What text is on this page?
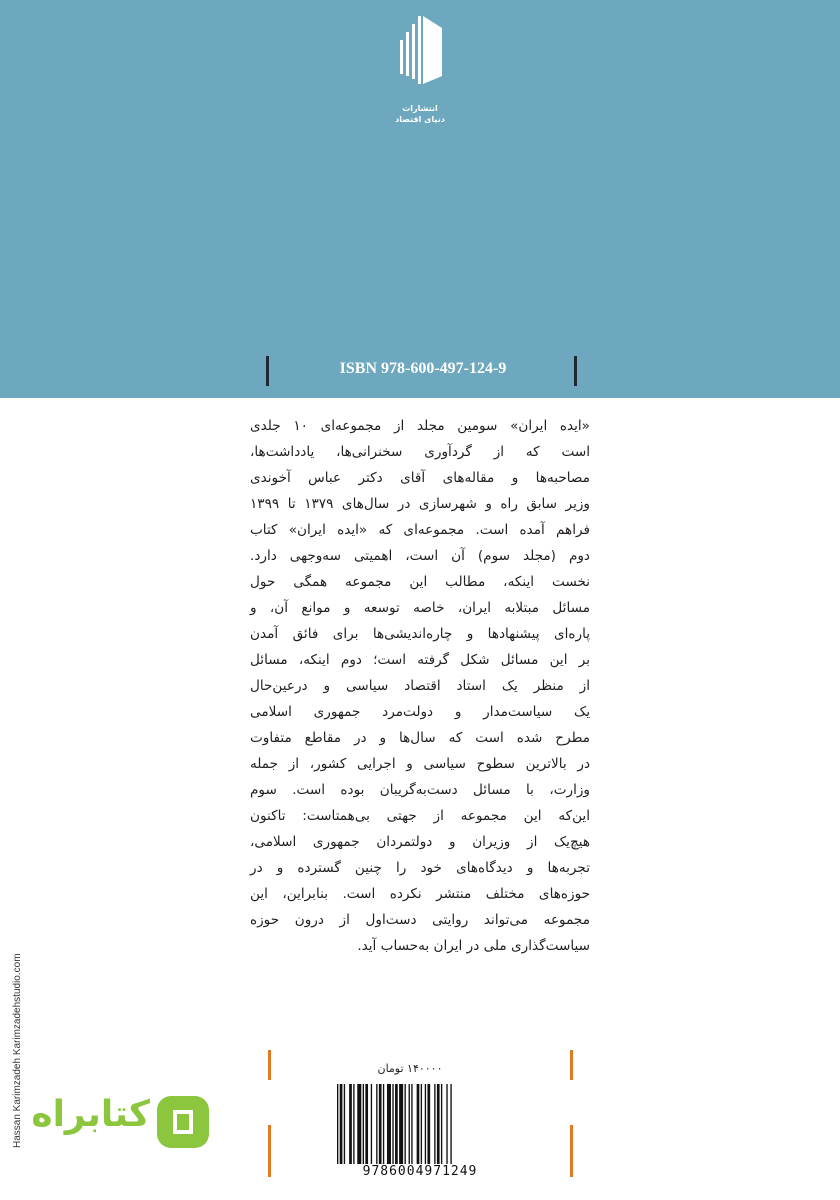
انتشارات
دنیای اقتصاد
ISBN 978-600-497-124-9
«ایده ایران» سومین مجلد از مجموعه‌ای ۱۰ جلدی
است که از گردآوری سخنرانی‌ها، یادداشت‌ها،
مصاحبه‌ها و مقاله‌های آقای دکتر عباس آخوندی
وزیر سابق راه و شهرسازی در سال‌های ۱۳۷۹ تا ۱۳۹۹
فراهم آمده است. مجموعه‌ای که «ایده ایران» کتاب
دوم (مجلد سوم) آن است، اهمیتی سه‌وجهی دارد.
نخست اینکه، مطالب این مجموعه همگی حول
مسائل مبتلابه ایران، خاصه توسعه و موانع آن، و
پاره‌ای پیشنهادها و چاره‌اندیشی‌ها برای فائق آمدن
بر این مسائل شکل گرفته است؛ دوم اینکه، مسائل
از منظر یک استاد اقتصاد سیاسی و درعین‌حال
یک سیاست‌مدار و دولت‌مرد جمهوری اسلامی
مطرح شده است که سال‌ها و در مقاطع متفاوت
در بالاترین سطوح سیاسی و اجرایی کشور، از جمله
وزارت، با مسائل دست‌به‌گریبان بوده است. سوم
این‌که این مجموعه از جهتی بی‌همتاست: تاکنون
هیچ‌یک از وزیران و دولتمردان جمهوری اسلامی،
تجربه‌ها و دیدگاه‌های خود را چنین گسترده و در
حوزه‌های مختلف منتشر نکرده است. بنابراین، این
مجموعه می‌تواند روایتی دست‌اول از درون حوزه
سیاست‌گذاری ملی در ایران به‌حساب آید.
Hassan Karimzadeh Karimzadehstudio.com	۱۴۰۰۰۰ تومان
9786004971249
کتابراه
